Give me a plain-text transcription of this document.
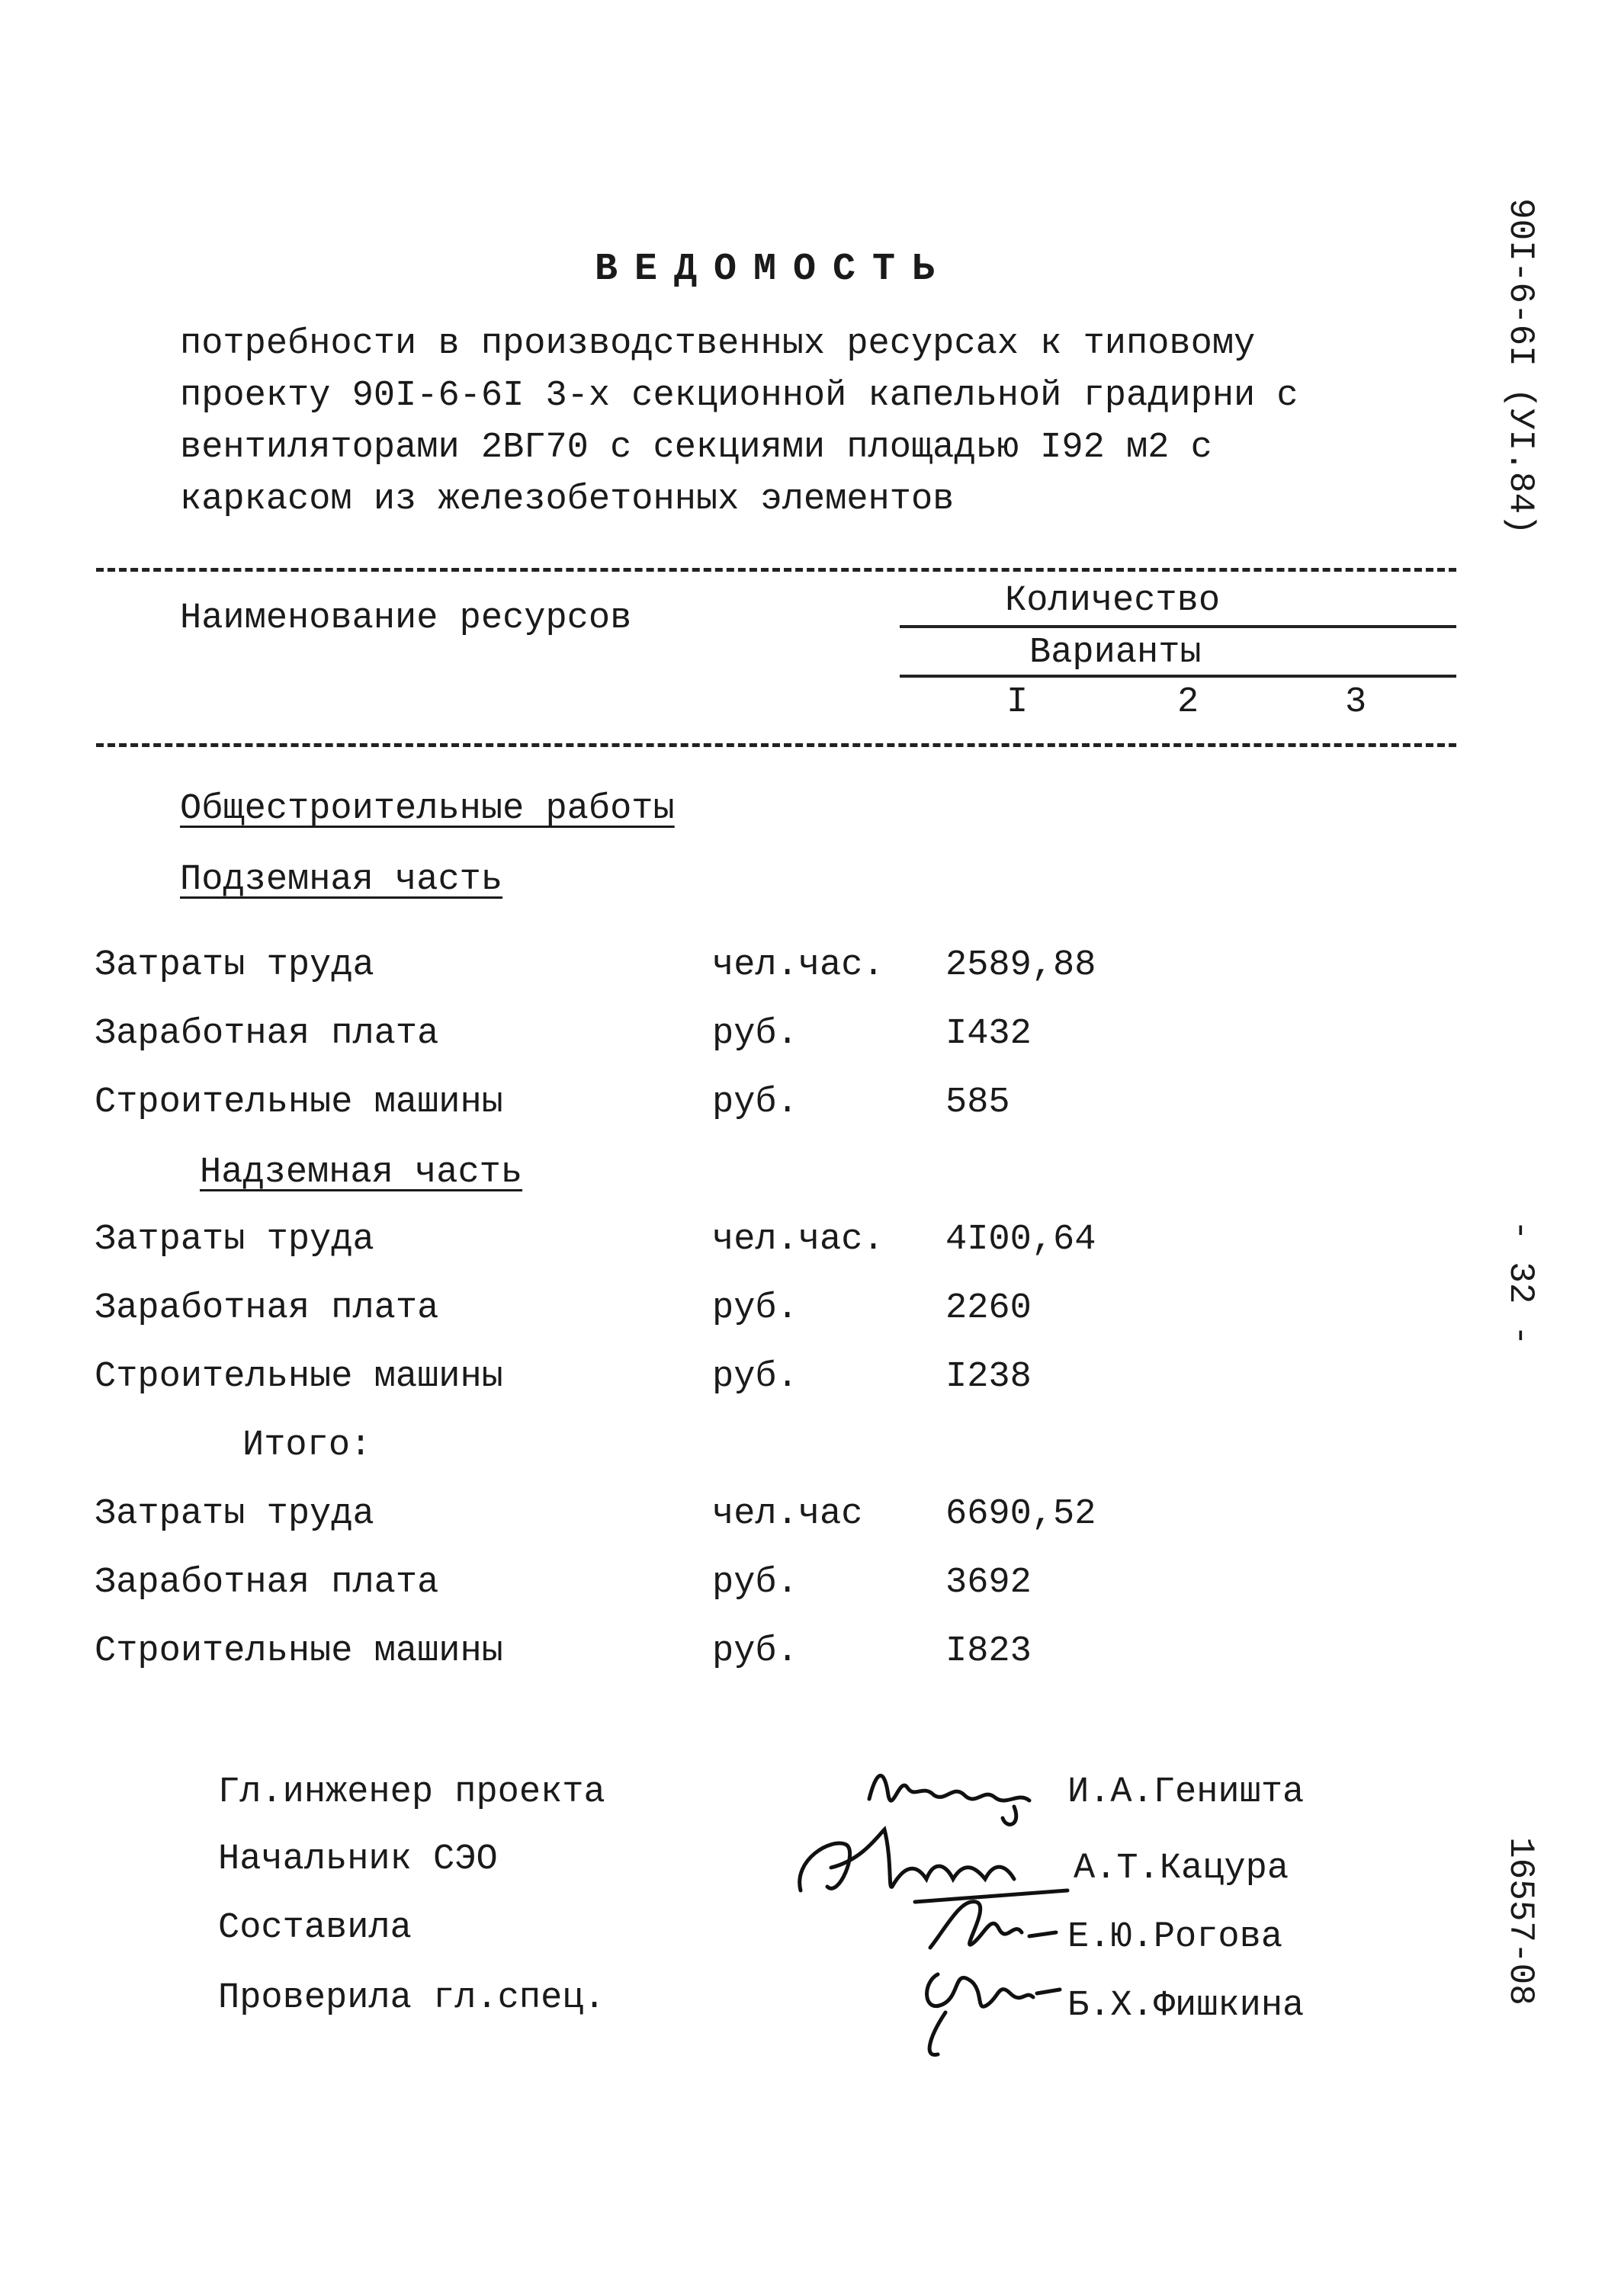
ВЕДОМОСТЬ
потребности в производственных ресурсах к типовому
проекту 90I-6-6I 3-х секционной капельной градирни с
вентиляторами 2ВГ70 с секциями площадью I92 м2 с
каркасом из железобетонных элементов
Наименование ресурсов	Количество
Варианты
I	2	3
Общестроительные работы
Подземная часть
Затраты труда	чел.час. 2589,88
Заработная плата	руб.	I432
Строительные машины	руб.	585
Надземная часть
Затраты труда	чел.час. 4I00,64
Заработная плата	руб.	2260
Строительные машины	руб.	I238
Итого:
Затраты труда	чел.час 6690,52
Заработная плата	руб.	3692
Строительные машины	руб.	I823
Гл.инженер проекта	И.А.Геништа
Начальник СЭО	А.Т.Кацура
Составила	Е.Ю.Рогова
Проверила гл.спец.	Б.Х.Фишкина
90I-6-6I (УI.84)
- 32 -
16557-08
